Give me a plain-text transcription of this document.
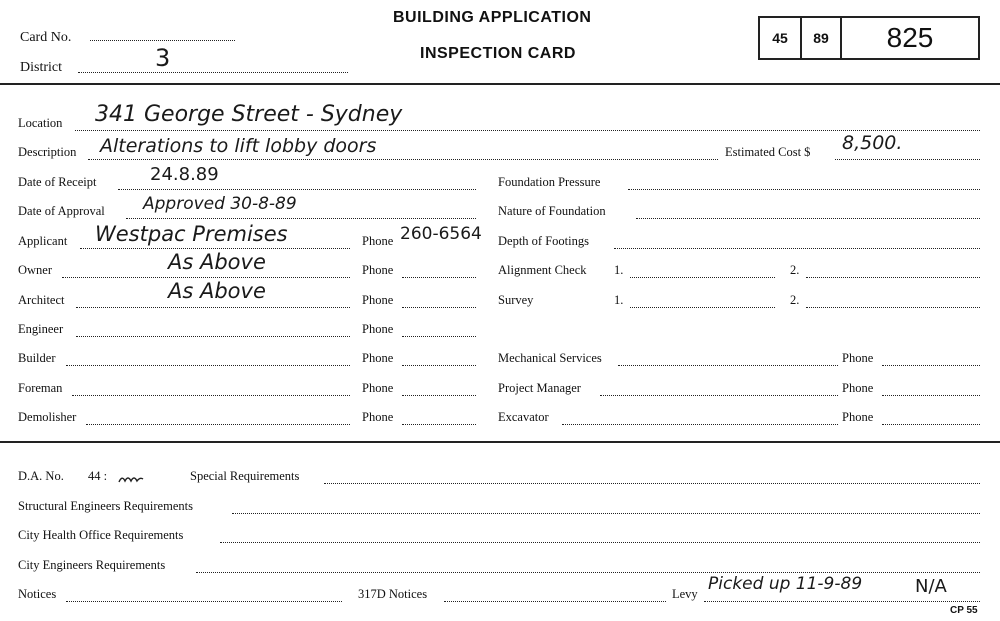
Card No.
District	3
BUILDING APPLICATION
INSPECTION CARD
45	89	825
Location 341 George Street - Sydney
Description Alterations to lift lobby doors	Estimated Cost $ 8,500.
Date of Receipt	24.8.89	Foundation Pressure
Date of Approval Approved 30-8-89	Nature of Foundation
Applicant Westpac Premises	Phone 260-6564 Depth of Footings
Owner	As Above	Phone	Alignment Check 1.	2.
Architect	As Above	Phone	Survey	1.	2.
Engineer	Phone
Builder	Phone	Mechanical Services	Phone
Foreman	Phone	Project Manager	Phone
Demolisher	Phone	Excavator	Phone
D.A. No. 44 :	Special Requirements
Structural Engineers Requirements
City Health Office Requirements
City Engineers Requirements
Notices	317D Notices	Levy Picked up 11-9-89	N/A
CP 55
